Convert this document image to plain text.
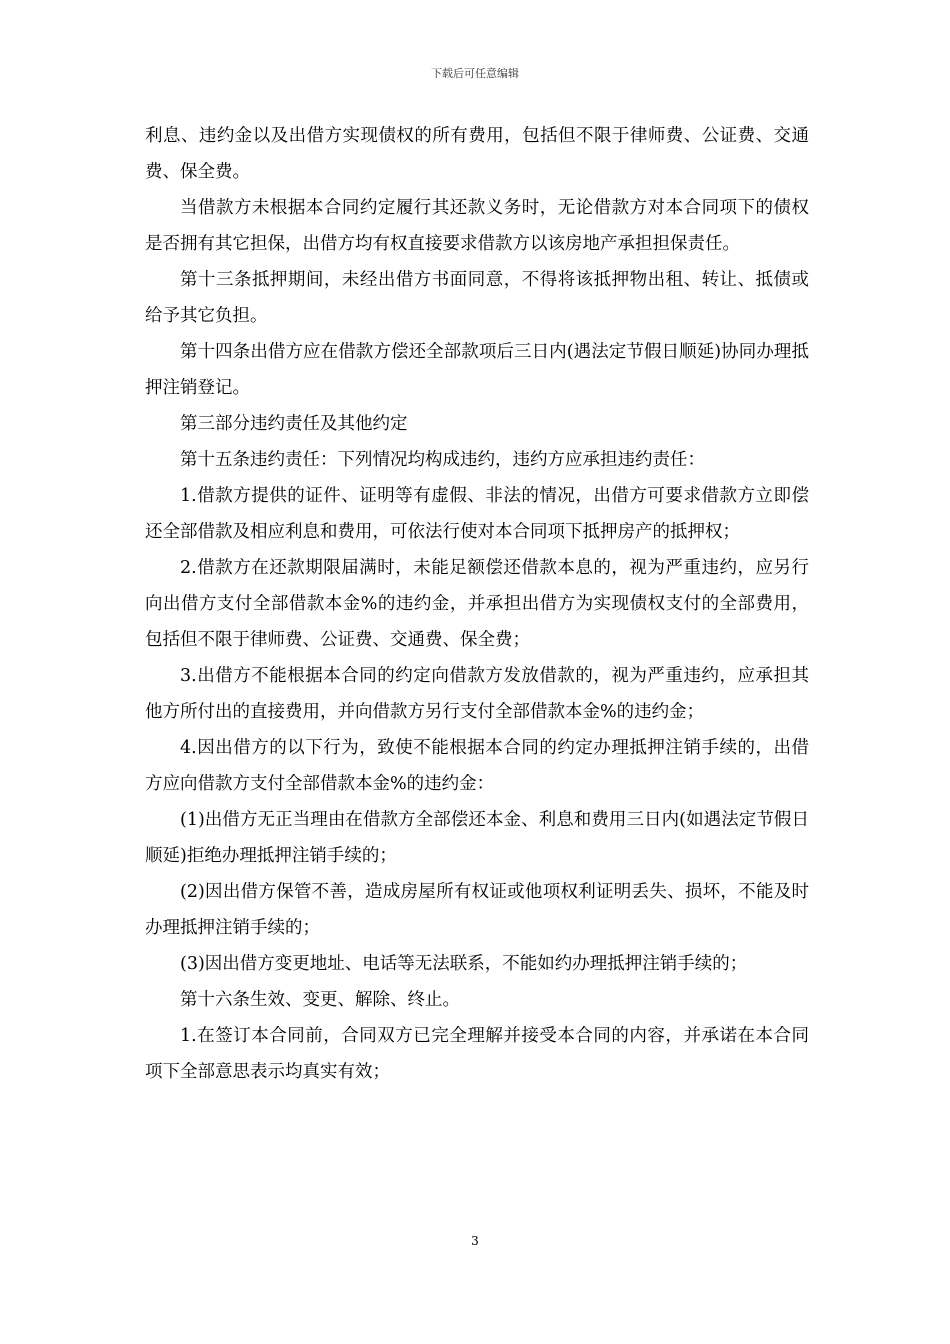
下载后可任意编辑

利息、违约金以及出借方实现债权的所有费用，包括但不限于律师费、公证费、交通费、保全费。

当借款方未根据本合同约定履行其还款义务时，无论借款方对本合同项下的债权是否拥有其它担保，出借方均有权直接要求借款方以该房地产承担担保责任。

第十三条抵押期间，未经出借方书面同意，不得将该抵押物出租、转让、抵债或给予其它负担。

第十四条出借方应在借款方偿还全部款项后三日内(遇法定节假日顺延)协同办理抵押注销登记。

第三部分违约责任及其他约定

第十五条违约责任：下列情况均构成违约，违约方应承担违约责任：

1.借款方提供的证件、证明等有虚假、非法的情况，出借方可要求借款方立即偿还全部借款及相应利息和费用，可依法行使对本合同项下抵押房产的抵押权；

2.借款方在还款期限届满时，未能足额偿还借款本息的，视为严重违约，应另行向出借方支付全部借款本金%的违约金，并承担出借方为实现债权支付的全部费用，包括但不限于律师费、公证费、交通费、保全费；

3.出借方不能根据本合同的约定向借款方发放借款的，视为严重违约，应承担其他方所付出的直接费用，并向借款方另行支付全部借款本金%的违约金；

4.因出借方的以下行为，致使不能根据本合同的约定办理抵押注销手续的，出借方应向借款方支付全部借款本金%的违约金：

(1)出借方无正当理由在借款方全部偿还本金、利息和费用三日内(如遇法定节假日顺延)拒绝办理抵押注销手续的；

(2)因出借方保管不善，造成房屋所有权证或他项权利证明丢失、损坏，不能及时办理抵押注销手续的；

(3)因出借方变更地址、电话等无法联系，不能如约办理抵押注销手续的；

第十六条生效、变更、解除、终止。

1.在签订本合同前，合同双方已完全理解并接受本合同的内容，并承诺在本合同项下全部意思表示均真实有效；

3
